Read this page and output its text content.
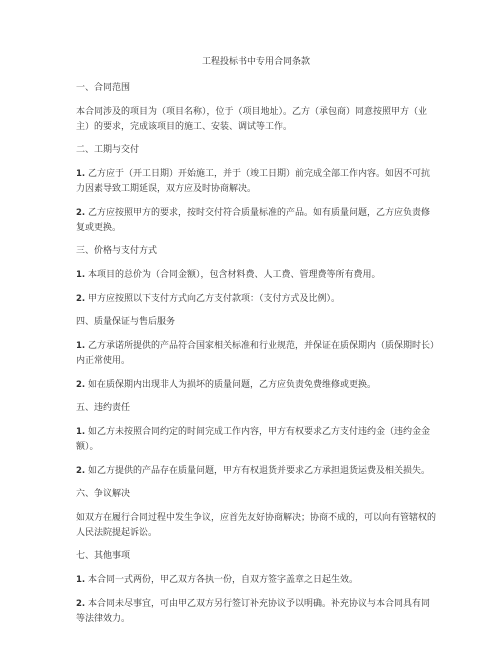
工程投标书中专用合同条款
一、合同范围
本合同涉及的项目为（项目名称），位于（项目地址）。乙方（承包商）同意按照甲方（业主）的要求，完成该项目的施工、安装、调试等工作。
二、工期与交付
1. 乙方应于（开工日期）开始施工，并于（竣工日期）前完成全部工作内容。如因不可抗力因素导致工期延误，双方应及时协商解决。
2. 乙方应按照甲方的要求，按时交付符合质量标准的产品。如有质量问题，乙方应负责修复或更换。
三、价格与支付方式
1. 本项目的总价为（合同金额），包含材料费、人工费、管理费等所有费用。
2. 甲方应按照以下支付方式向乙方支付款项：（支付方式及比例）。
四、质量保证与售后服务
1. 乙方承诺所提供的产品符合国家相关标准和行业规范，并保证在质保期内（质保期时长）内正常使用。
2. 如在质保期内出现非人为损坏的质量问题，乙方应负责免费维修或更换。
五、违约责任
1. 如乙方未按照合同约定的时间完成工作内容，甲方有权要求乙方支付违约金（违约金金额）。
2. 如乙方提供的产品存在质量问题，甲方有权退货并要求乙方承担退货运费及相关损失。
六、争议解决
如双方在履行合同过程中发生争议，应首先友好协商解决；协商不成的，可以向有管辖权的人民法院提起诉讼。
七、其他事项
1. 本合同一式两份，甲乙双方各执一份，自双方签字盖章之日起生效。
2. 本合同未尽事宜，可由甲乙双方另行签订补充协议予以明确。补充协议与本合同具有同等法律效力。
